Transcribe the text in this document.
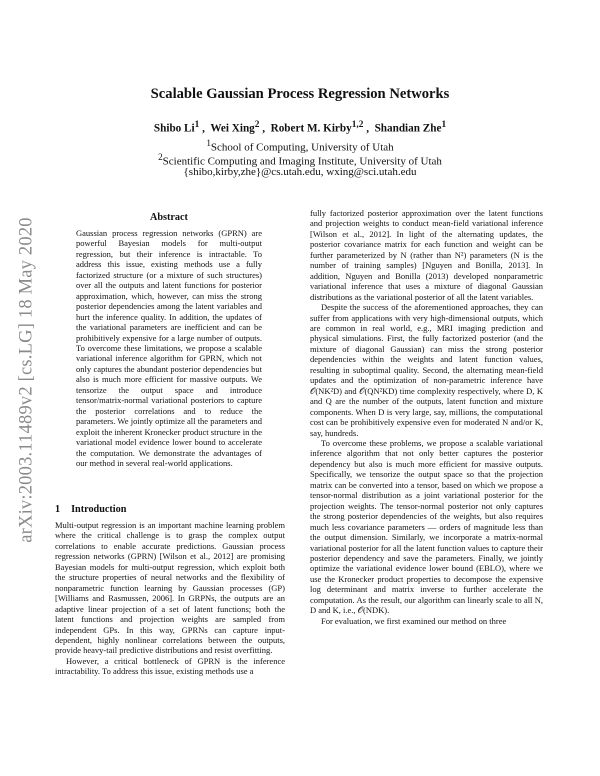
arXiv:2003.11489v2 [cs.LG] 18 May 2020
Scalable Gaussian Process Regression Networks
Shibo Li$^1$ ,  Wei Xing$^2$ ,  Robert M. Kirby$^{1,2}$ ,  Shandian Zhe$^1$
$^1$School of Computing, University of Utah
$^2$Scientific Computing and Imaging Institute, University of Utah
{shibo,kirby,zhe}@cs.utah.edu, wxing@sci.utah.edu
Abstract

Gaussian process regression networks (GPRN) are powerful Bayesian models for multi-output regression, but their inference is intractable. To address this issue, existing methods use a fully factorized structure (or a mixture of such structures) over all the outputs and latent functions for posterior approximation, which, however, can miss the strong posterior dependencies among the latent variables and hurt the inference quality. In addition, the updates of the variational parameters are inefficient and can be prohibitively expensive for a large number of outputs. To overcome these limitations, we propose a scalable variational inference algorithm for GPRN, which not only captures the abundant posterior dependencies but also is much more efficient for massive outputs. We tensorize the output space and introduce tensor/matrix-normal variational posteriors to capture the posterior correlations and to reduce the parameters. We jointly optimize all the parameters and exploit the inherent Kronecker product structure in the variational model evidence lower bound to accelerate the computation. We demonstrate the advantages of our method in several real-world applications.

1 Introduction

Multi-output regression is an important machine learning problem where the critical challenge is to grasp the complex output correlations to enable accurate predictions. Gaussian process regression networks (GPRN) [Wilson et al., 2012] are promising Bayesian models for multi-output regression, which exploit both the structure properties of neural networks and the flexibility of nonparametric function learning by Gaussian processes (GP) [Williams and Rasmussen, 2006]. In GRPNs, the outputs are an adaptive linear projection of a set of latent functions; both the latent functions and projection weights are sampled from independent GPs. In this way, GPRNs can capture input-dependent, highly nonlinear correlations between the outputs, provide heavy-tail predictive distributions and resist overfitting.

However, a critical bottleneck of GPRN is the inference intractability. To address this issue, existing methods use a

fully factorized posterior approximation over the latent functions and projection weights to conduct mean-field variational inference [Wilson et al., 2012]. In light of the alternating updates, the posterior covariance matrix for each function and weight can be further parameterized by N (rather than N²) parameters (N is the number of training samples) [Nguyen and Bonilla, 2013]. In addition, Nguyen and Bonilla (2013) developed nonparametric variational inference that uses a mixture of diagonal Gaussian distributions as the variational posterior of all the latent variables.

Despite the success of the aforementioned approaches, they can suffer from applications with very high-dimensional outputs, which are common in real world, e.g., MRI imaging prediction and physical simulations. First, the fully factorized posterior (and the mixture of diagonal Gaussian) can miss the strong posterior dependencies within the weights and latent function values, resulting in suboptimal quality. Second, the alternating mean-field updates and the optimization of non-parametric inference have 𝒪(NK²D) and 𝒪(QN²KD) time complexity respectively, where D, K and Q are the number of the outputs, latent function and mixture components. When D is very large, say, millions, the computational cost can be prohibitively expensive even for moderated N and/or K, say, hundreds.

To overcome these problems, we propose a scalable variational inference algorithm that not only better captures the posterior dependency but also is much more efficient for massive outputs. Specifically, we tensorize the output space so that the projection matrix can be converted into a tensor, based on which we propose a tensor-normal distribution as a joint variational posterior for the projection weights. The tensor-normal posterior not only captures the strong posterior dependencies of the weights, but also requires much less covariance parameters — orders of magnitude less than the output dimension. Similarly, we incorporate a matrix-normal variational posterior for all the latent function values to capture their posterior dependency and save the parameters. Finally, we jointly optimize the variational evidence lower bound (EBLO), where we use the Kronecker product properties to decompose the expensive log determinant and matrix inverse to further accelerate the computation. As the result, our algorithm can linearly scale to all N, D and K, i.e., 𝒪(NDK).

For evaluation, we first examined our method on three
